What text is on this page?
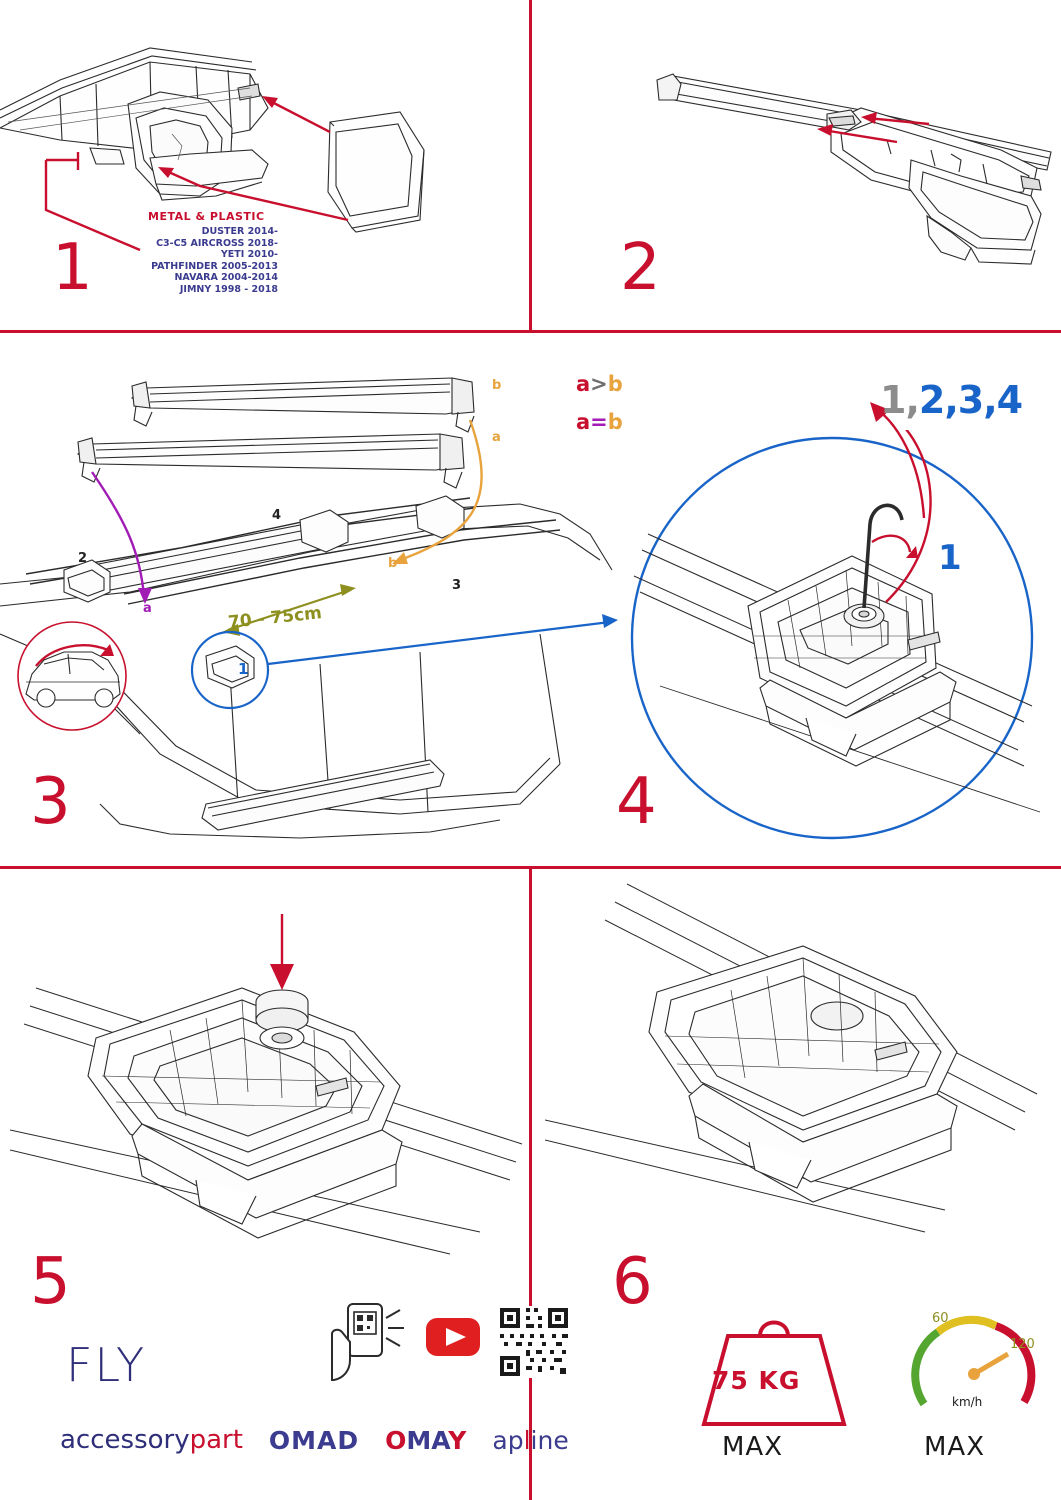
METAL & PLASTIC
DUSTER 2014-
C3-C5 AIRCROSS 2018-
YETI 2010-
PATHFINDER 2005-2013
NAVARA 2004-2014
JIMNY 1998 - 2018
1	2
b
a
b
a
2
3
4
1
70 - 75cm
a>b
a=b
3
1,2,3,4
1
4
FLY
accessorypart OMAD OMAY apline
5
75 KG
60
120
km/h
MAX	MAX
6
